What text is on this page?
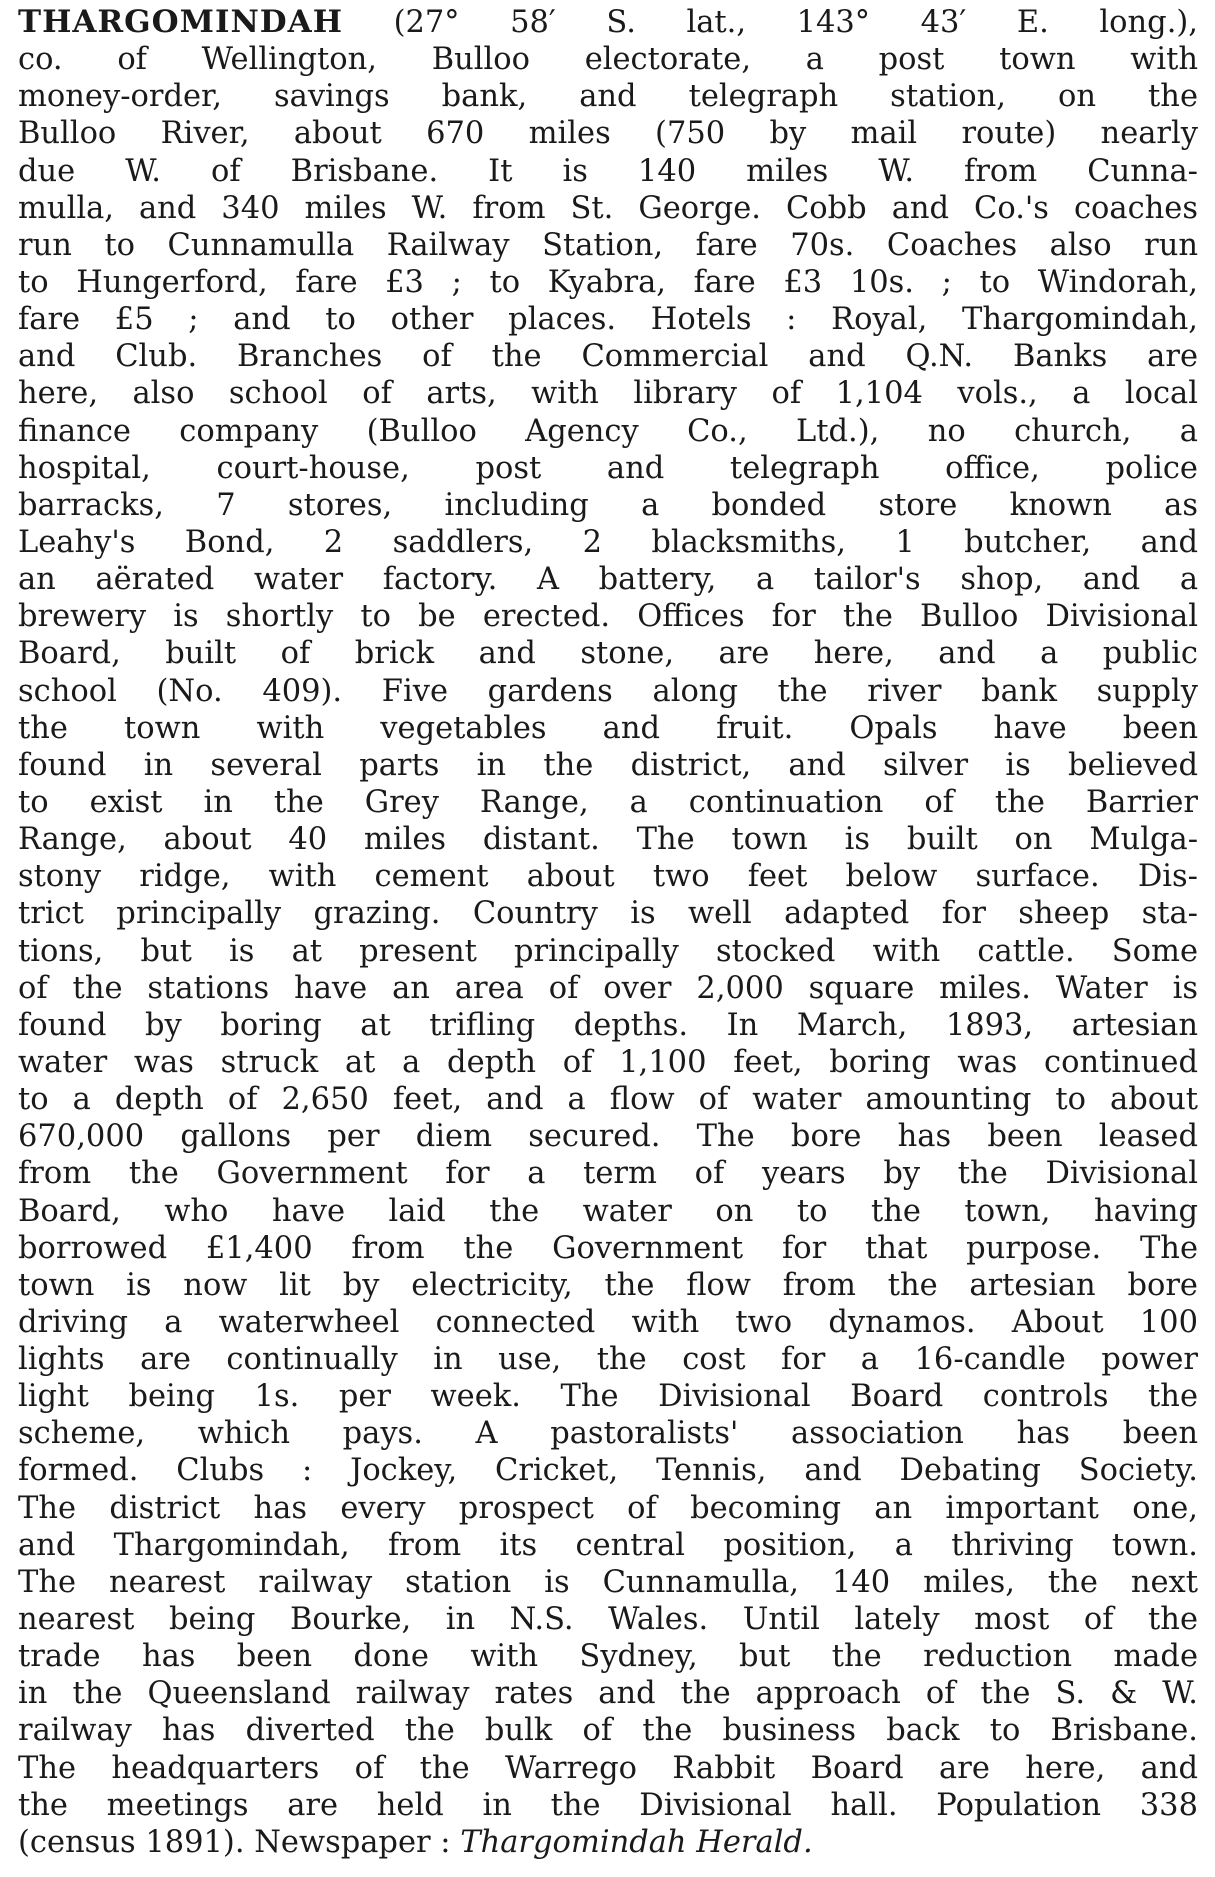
THARGOMINDAH (27° 58′ S. lat., 143° 43′ E. long.),
co. of Wellington, Bulloo electorate, a post town with
money-order, savings bank, and telegraph station, on the
Bulloo River, about 670 miles (750 by mail route) nearly
due W. of Brisbane. It is 140 miles W. from Cunna-
mulla, and 340 miles W. from St. George. Cobb and Co.'s coaches
run to Cunnamulla Railway Station, fare 70s. Coaches also run
to Hungerford, fare £3 ; to Kyabra, fare £3 10s. ; to Windorah,
fare £5 ; and to other places. Hotels : Royal, Thargomindah,
and Club. Branches of the Commercial and Q.N. Banks are
here, also school of arts, with library of 1,104 vols., a local
finance company (Bulloo Agency Co., Ltd.), no church, a
hospital, court-house, post and telegraph office, police
barracks, 7 stores, including a bonded store known as
Leahy's Bond, 2 saddlers, 2 blacksmiths, 1 butcher, and
an aërated water factory. A battery, a tailor's shop, and a
brewery is shortly to be erected. Offices for the Bulloo Divisional
Board, built of brick and stone, are here, and a public
school (No. 409). Five gardens along the river bank supply
the town with vegetables and fruit. Opals have been
found in several parts in the district, and silver is believed
to exist in the Grey Range, a continuation of the Barrier
Range, about 40 miles distant. The town is built on Mulga-
stony ridge, with cement about two feet below surface. Dis-
trict principally grazing. Country is well adapted for sheep sta-
tions, but is at present principally stocked with cattle. Some
of the stations have an area of over 2,000 square miles. Water is
found by boring at trifling depths. In March, 1893, artesian
water was struck at a depth of 1,100 feet, boring was continued
to a depth of 2,650 feet, and a flow of water amounting to about
670,000 gallons per diem secured. The bore has been leased
from the Government for a term of years by the Divisional
Board, who have laid the water on to the town, having
borrowed £1,400 from the Government for that purpose. The
town is now lit by electricity, the flow from the artesian bore
driving a waterwheel connected with two dynamos. About 100
lights are continually in use, the cost for a 16-candle power
light being 1s. per week. The Divisional Board controls the
scheme, which pays. A pastoralists' association has been
formed. Clubs : Jockey, Cricket, Tennis, and Debating Society.
The district has every prospect of becoming an important one,
and Thargomindah, from its central position, a thriving town.
The nearest railway station is Cunnamulla, 140 miles, the next
nearest being Bourke, in N.S. Wales. Until lately most of the
trade has been done with Sydney, but the reduction made
in the Queensland railway rates and the approach of the S. & W.
railway has diverted the bulk of the business back to Brisbane.
The headquarters of the Warrego Rabbit Board are here, and
the meetings are held in the Divisional hall. Population 338
(census 1891). Newspaper : Thargomindah Herald.
